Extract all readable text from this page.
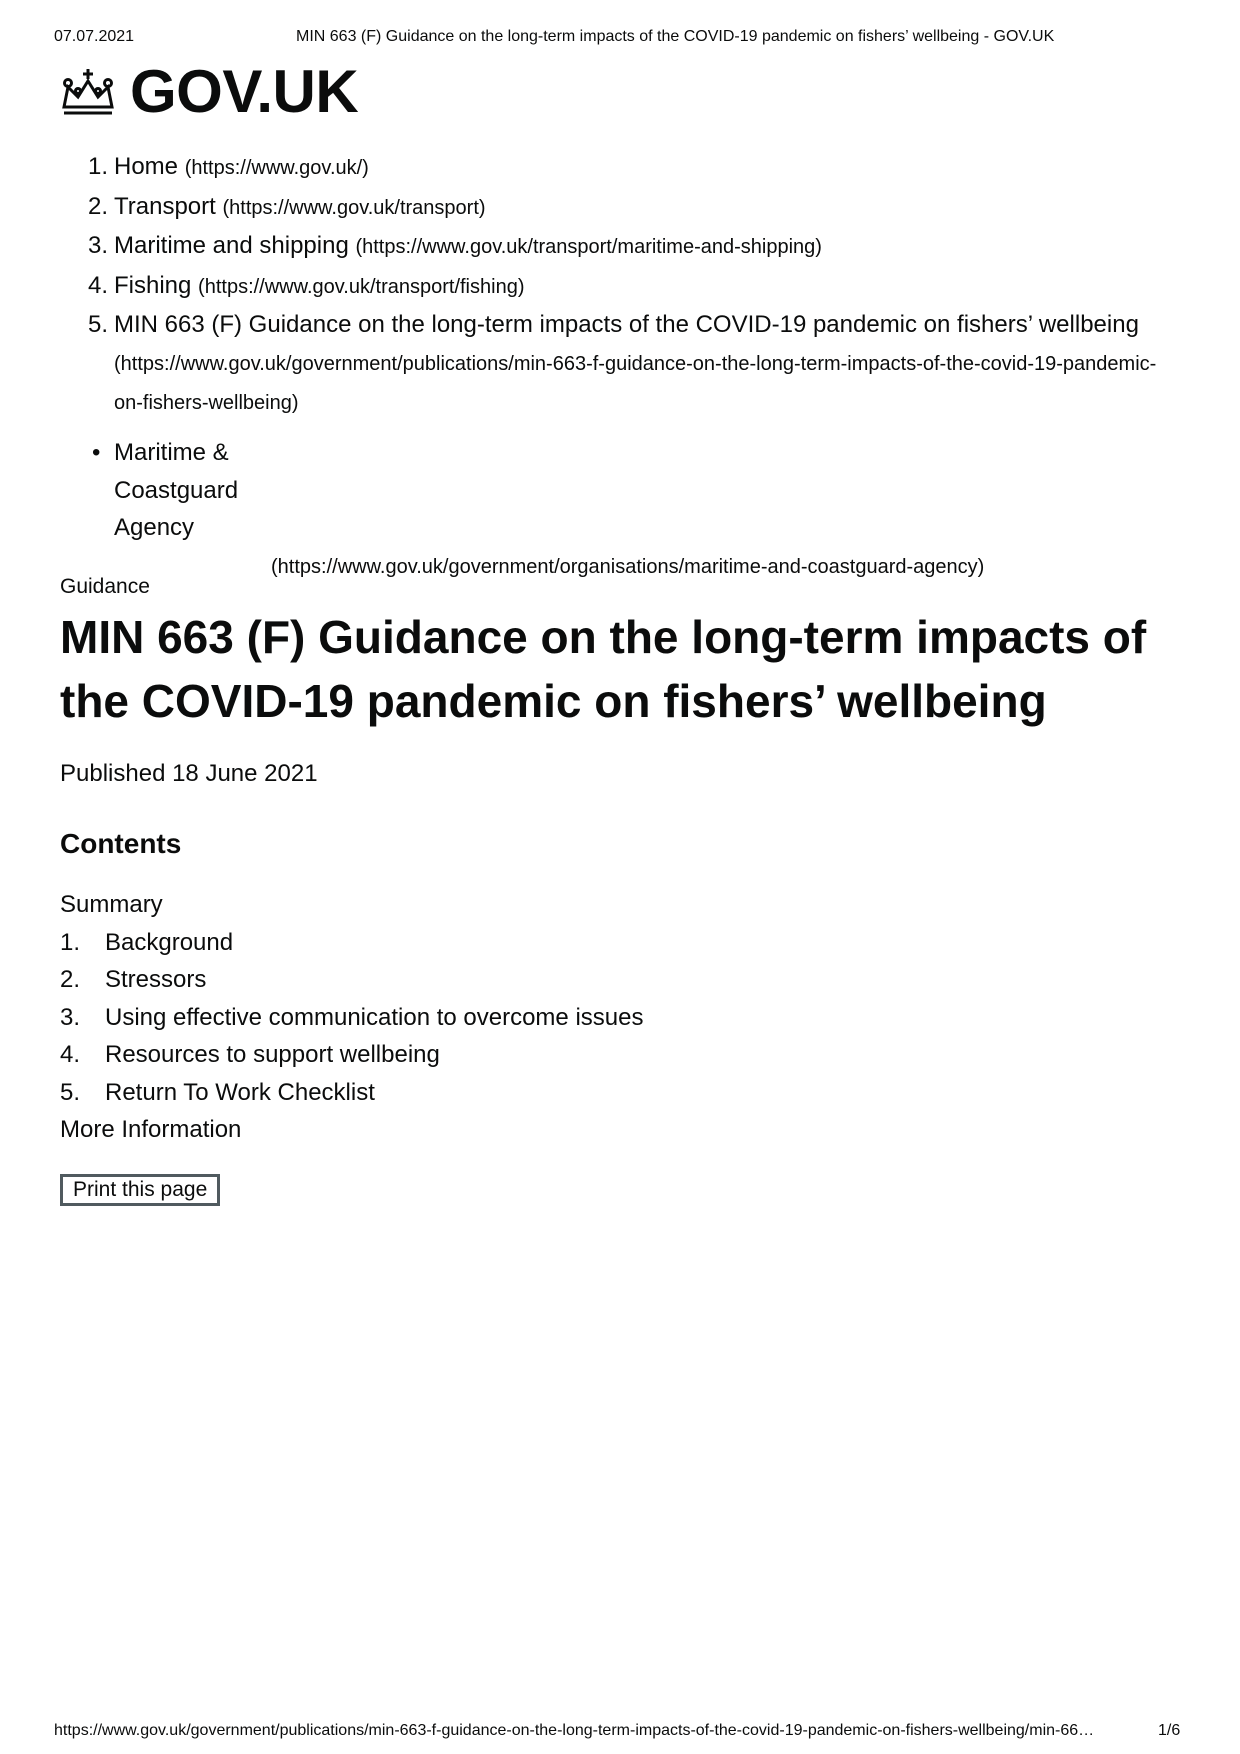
07.07.2021	MIN 663 (F) Guidance on the long-term impacts of the COVID-19 pandemic on fishers’ wellbeing - GOV.UK
GOV.UK
1. Home (https://www.gov.uk/)
2. Transport (https://www.gov.uk/transport)
3. Maritime and shipping (https://www.gov.uk/transport/maritime-and-shipping)
4. Fishing (https://www.gov.uk/transport/fishing)
5. MIN 663 (F) Guidance on the long-term impacts of the COVID-19 pandemic on fishers’ wellbeing (https://www.gov.uk/government/publications/min-663-f-guidance-on-the-long-term-impacts-of-the-covid-19-pandemic-on-fishers-wellbeing)
• Maritime & Coastguard Agency
(https://www.gov.uk/government/organisations/maritime-and-coastguard-agency)
Guidance
MIN 663 (F) Guidance on the long-term impacts of the COVID-19 pandemic on fishers’ wellbeing
Published 18 June 2021
Contents
Summary
1. Background
2. Stressors
3. Using effective communication to overcome issues
4. Resources to support wellbeing
5. Return To Work Checklist
More Information
Print this page
https://www.gov.uk/government/publications/min-663-f-guidance-on-the-long-term-impacts-of-the-covid-19-pandemic-on-fishers-wellbeing/min-66…	1/6
